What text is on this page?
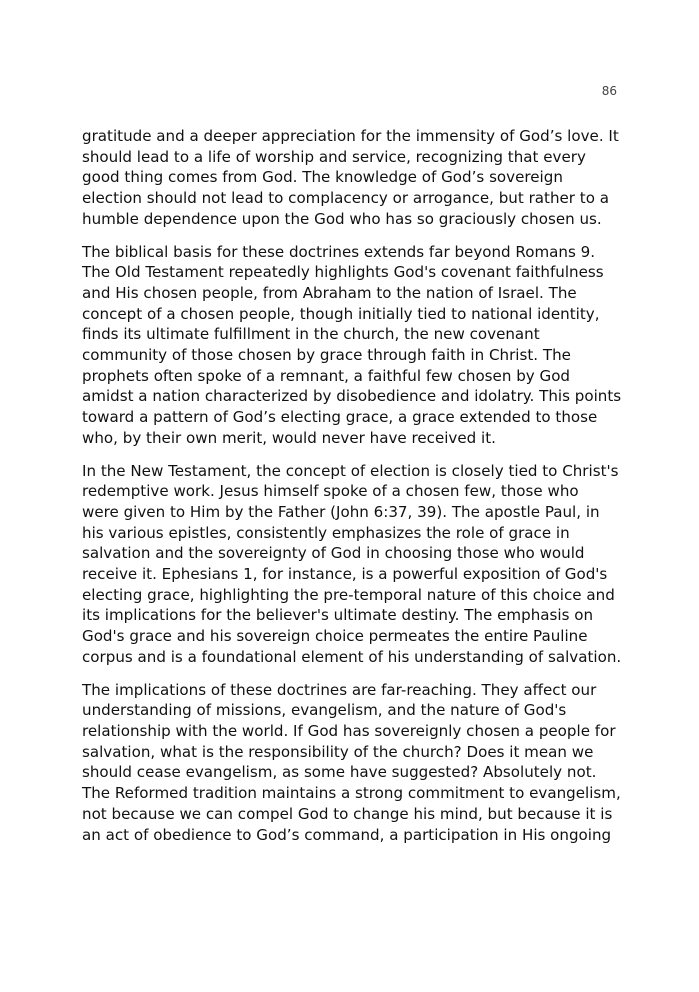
86

gratitude and a deeper appreciation for the immensity of God’s love. It
should lead to a life of worship and service, recognizing that every
good thing comes from God. The knowledge of God’s sovereign
election should not lead to complacency or arrogance, but rather to a
humble dependence upon the God who has so graciously chosen us.

The biblical basis for these doctrines extends far beyond Romans 9.
The Old Testament repeatedly highlights God's covenant faithfulness
and His chosen people, from Abraham to the nation of Israel. The
concept of a chosen people, though initially tied to national identity,
finds its ultimate fulfillment in the church, the new covenant
community of those chosen by grace through faith in Christ. The
prophets often spoke of a remnant, a faithful few chosen by God
amidst a nation characterized by disobedience and idolatry. This points
toward a pattern of God’s electing grace, a grace extended to those
who, by their own merit, would never have received it.

In the New Testament, the concept of election is closely tied to Christ's
redemptive work. Jesus himself spoke of a chosen few, those who
were given to Him by the Father (John 6:37, 39). The apostle Paul, in
his various epistles, consistently emphasizes the role of grace in
salvation and the sovereignty of God in choosing those who would
receive it. Ephesians 1, for instance, is a powerful exposition of God's
electing grace, highlighting the pre-temporal nature of this choice and
its implications for the believer's ultimate destiny. The emphasis on
God's grace and his sovereign choice permeates the entire Pauline
corpus and is a foundational element of his understanding of salvation.

The implications of these doctrines are far-reaching. They affect our
understanding of missions, evangelism, and the nature of God's
relationship with the world. If God has sovereignly chosen a people for
salvation, what is the responsibility of the church? Does it mean we
should cease evangelism, as some have suggested? Absolutely not.
The Reformed tradition maintains a strong commitment to evangelism,
not because we can compel God to change his mind, but because it is
an act of obedience to God’s command, a participation in His ongoing
